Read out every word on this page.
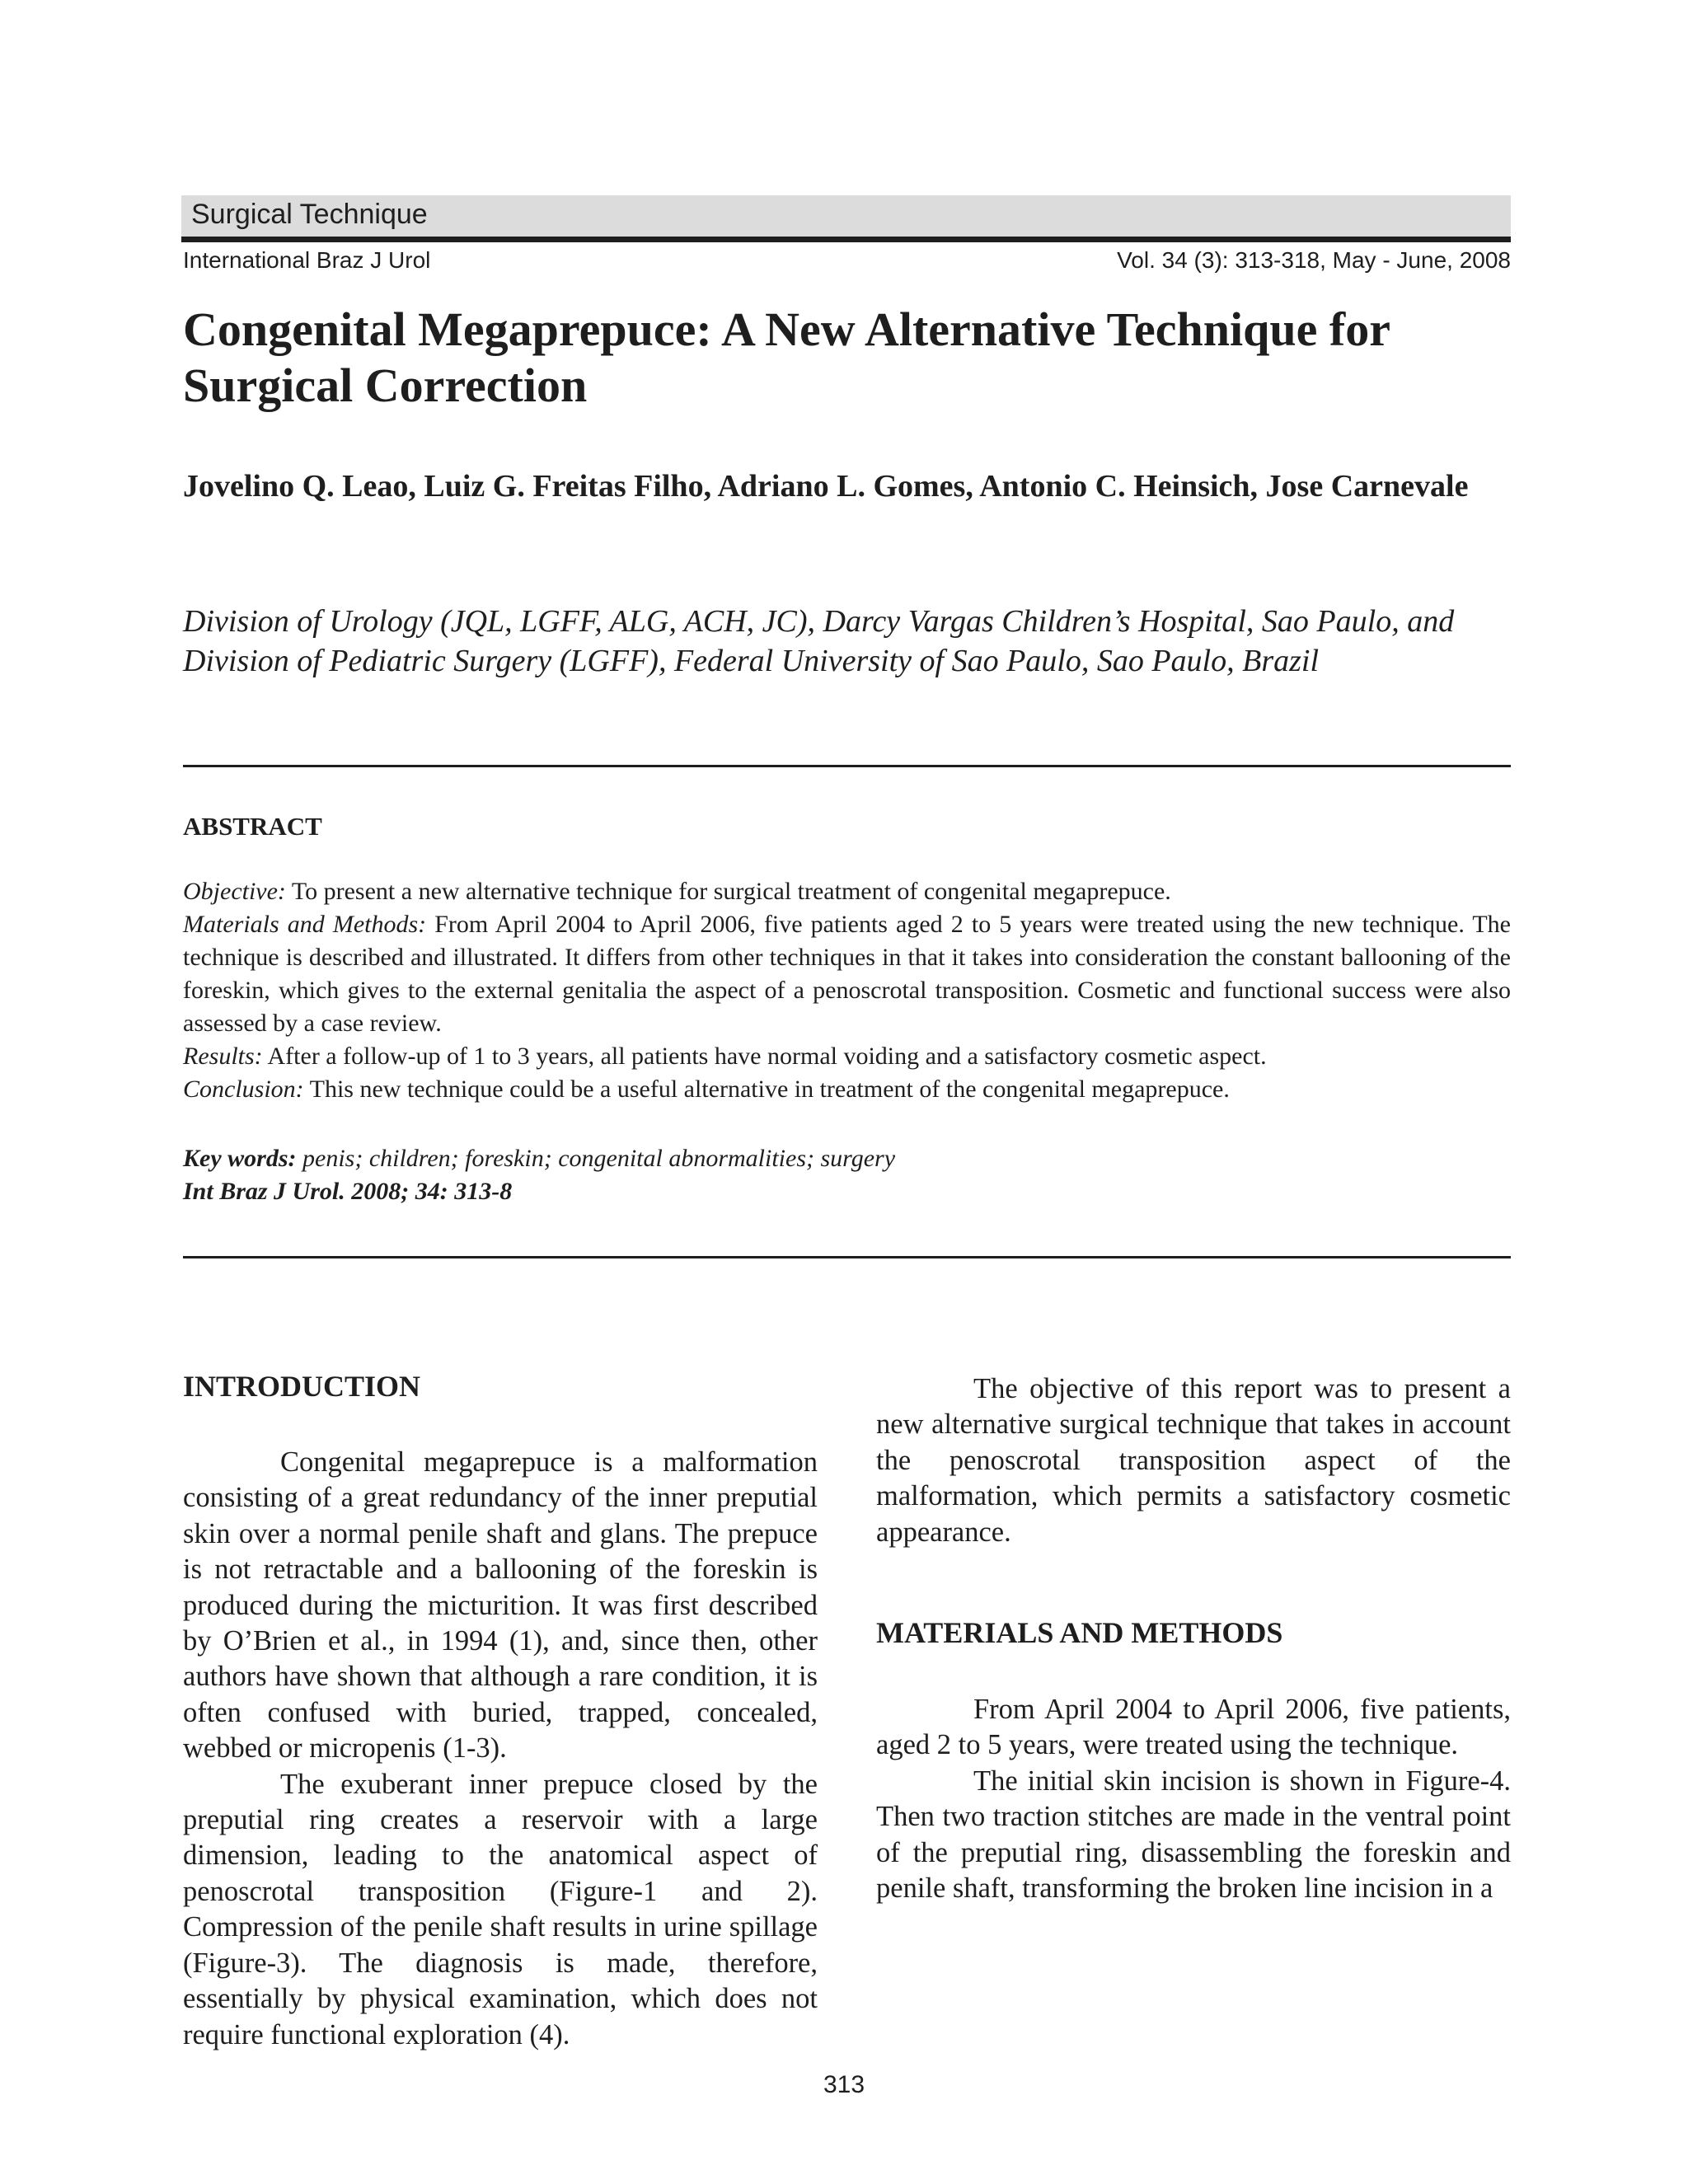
Surgical Technique
International Braz J Urol	Vol. 34 (3): 313-318, May - June, 2008
Congenital Megaprepuce: A New Alternative Technique for Surgical Correction

Jovelino Q. Leao, Luiz G. Freitas Filho, Adriano L. Gomes, Antonio C. Heinsich, Jose Carnevale

Division of Urology (JQL, LGFF, ALG, ACH, JC), Darcy Vargas Children’s Hospital, Sao Paulo, and Division of Pediatric Surgery (LGFF), Federal University of Sao Paulo, Sao Paulo, Brazil

ABSTRACT

Objective: To present a new alternative technique for surgical treatment of congenital megaprepuce.

Materials and Methods: From April 2004 to April 2006, five patients aged 2 to 5 years were treated using the new technique. The technique is described and illustrated. It differs from other techniques in that it takes into consideration the constant ballooning of the foreskin, which gives to the external genitalia the aspect of a penoscrotal transposition. Cosmetic and functional success were also assessed by a case review.

Results: After a follow-up of 1 to 3 years, all patients have normal voiding and a satisfactory cosmetic aspect.

Conclusion: This new technique could be a useful alternative in treatment of the congenital megaprepuce.

Key words: penis; children; foreskin; congenital abnormalities; surgery

Int Braz J Urol. 2008; 34: 313-8

INTRODUCTION

Congenital megaprepuce is a malformation consisting of a great redundancy of the inner preputial skin over a normal penile shaft and glans. The prepuce is not retractable and a ballooning of the foreskin is produced during the micturition. It was first described by O’Brien et al., in 1994 (1), and, since then, other authors have shown that although a rare condition, it is often confused with buried, trapped, concealed, webbed or micropenis (1-3).

The exuberant inner prepuce closed by the preputial ring creates a reservoir with a large dimension, leading to the anatomical aspect of penoscrotal transposition (Figure-1 and 2). Compression of the penile shaft results in urine spillage (Figure-3). The diagnosis is made, therefore, essentially by physical examination, which does not require functional exploration (4).

The objective of this report was to present a new alternative surgical technique that takes in account the penoscrotal transposition aspect of the malformation, which permits a satisfactory cosmetic appearance.

MATERIALS AND METHODS

From April 2004 to April 2006, five patients, aged 2 to 5 years, were treated using the technique.

The initial skin incision is shown in Figure-4. Then two traction stitches are made in the ventral point of the preputial ring, disassembling the foreskin and penile shaft, transforming the broken line incision in a

313
